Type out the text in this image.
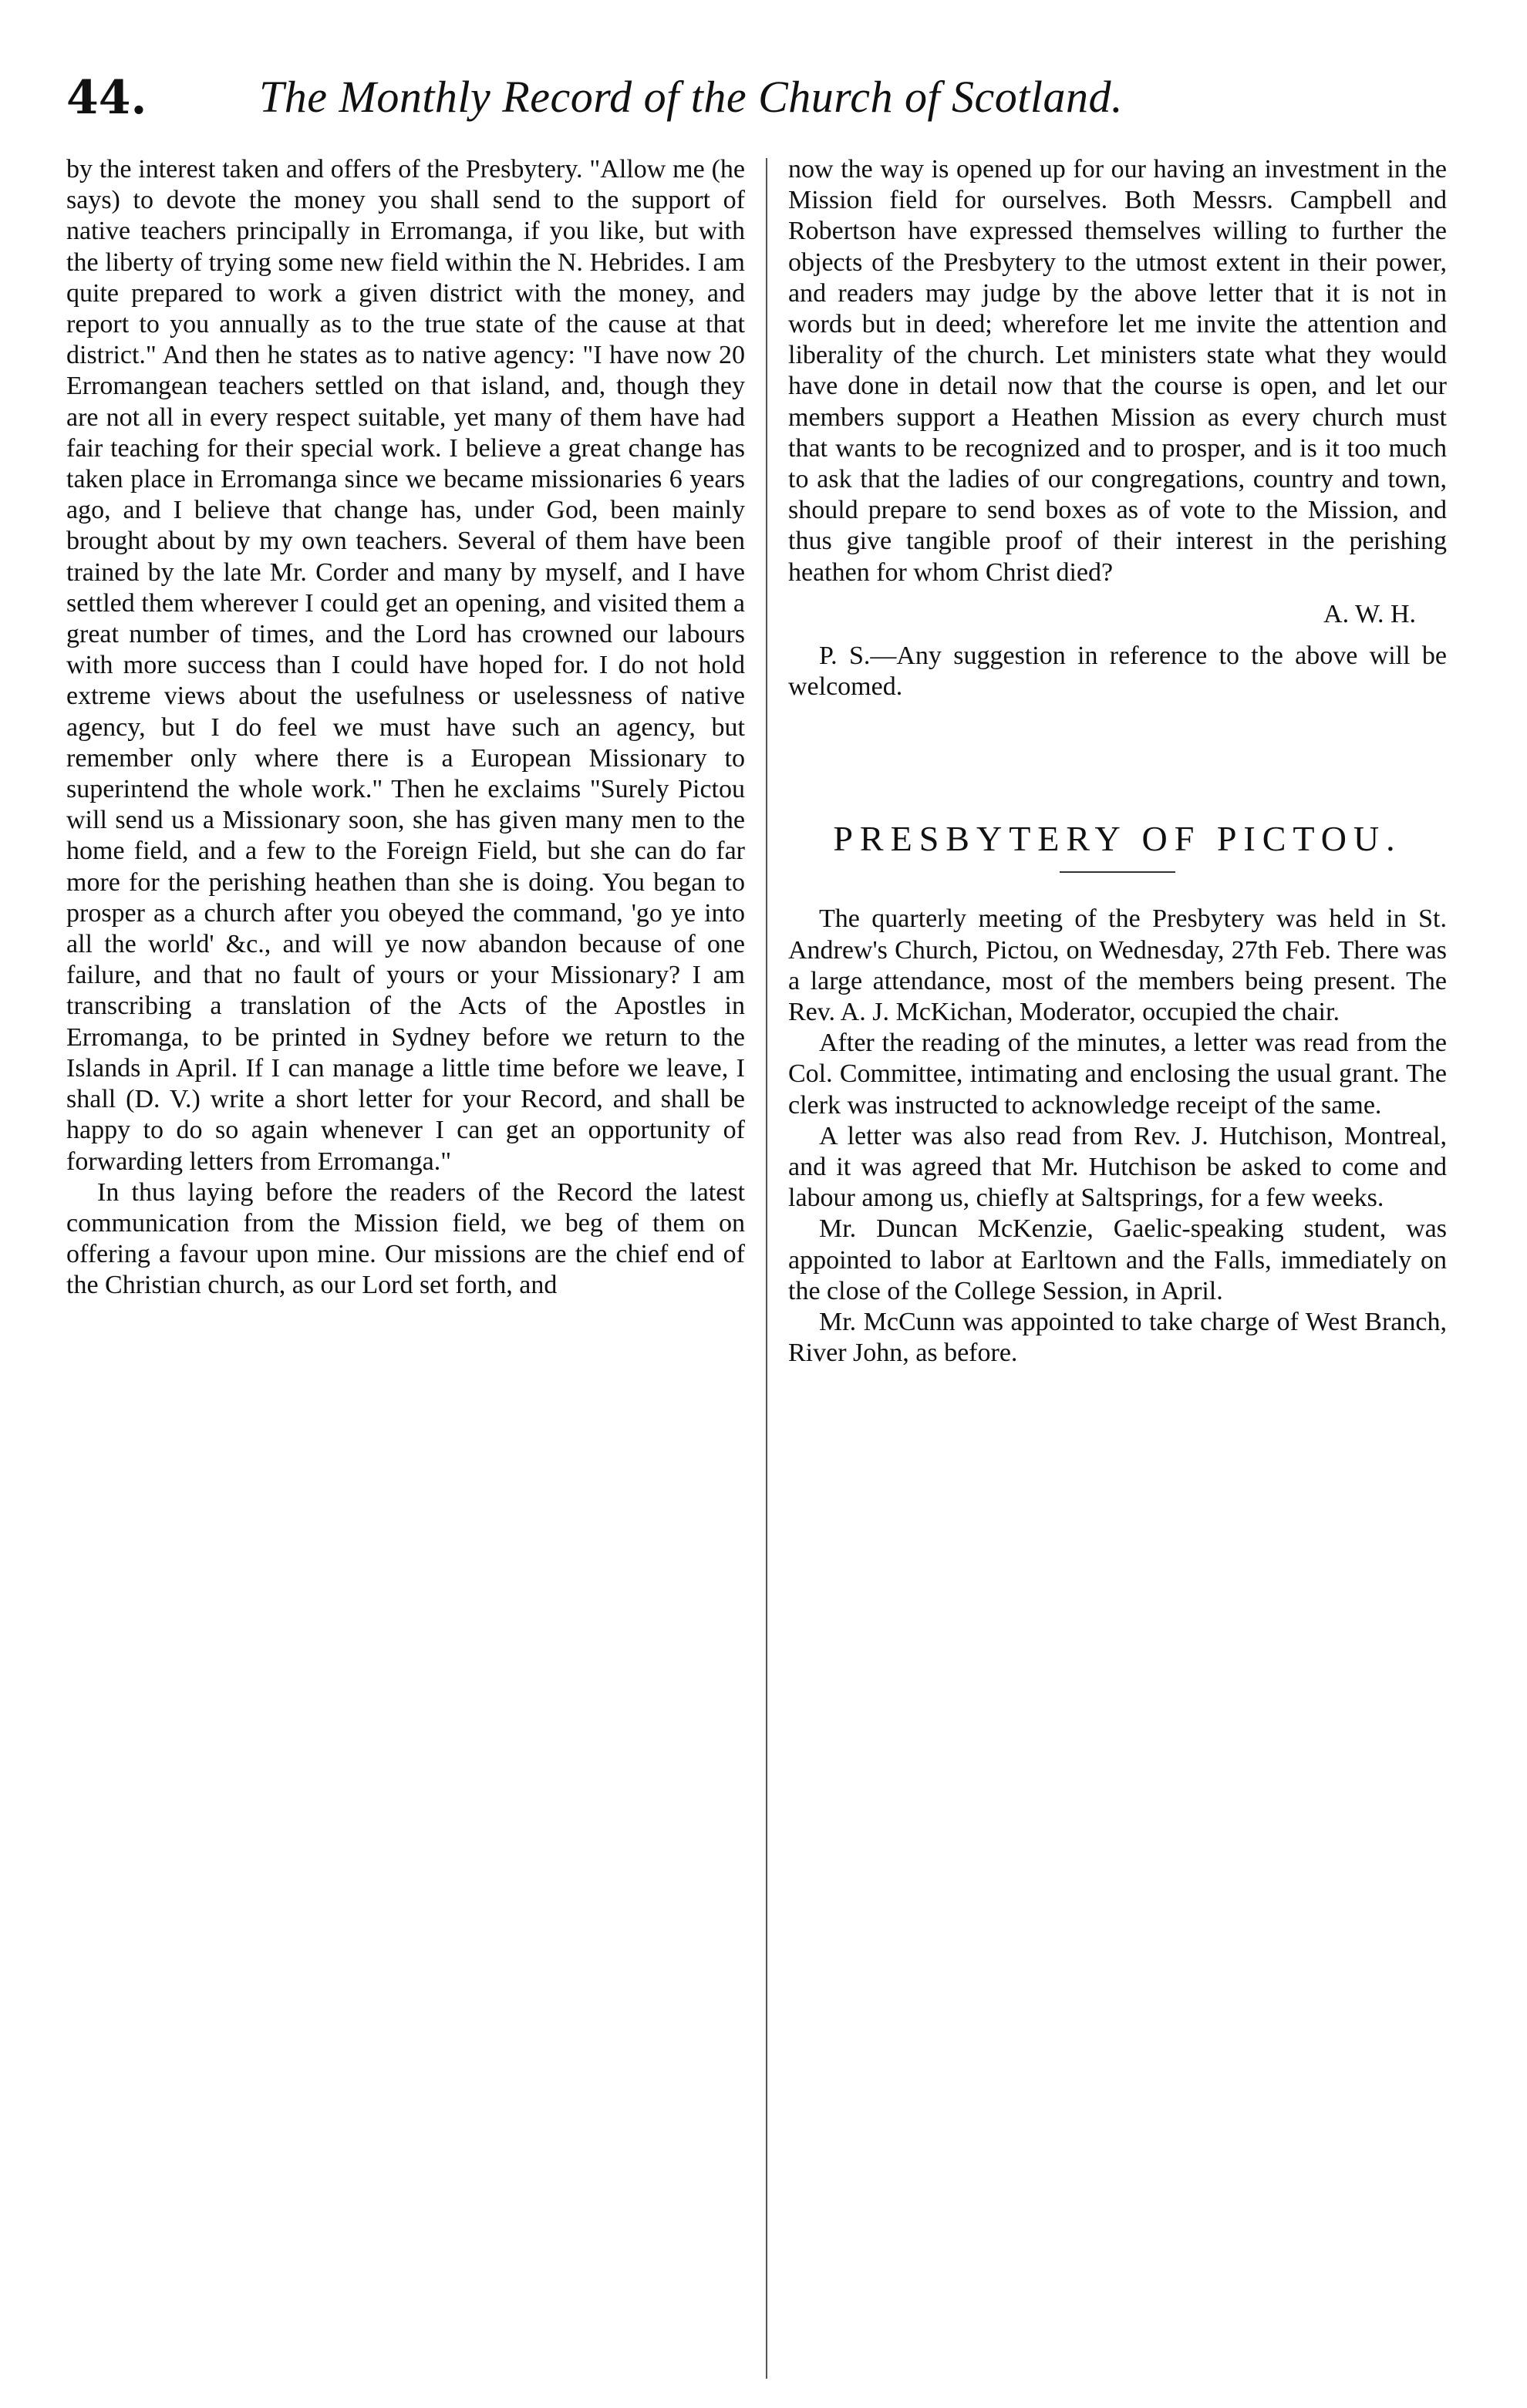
44.	The Monthly Record of the Church of Scotland.

by the interest taken and offers of the Presbytery. "Allow me (he says) to devote the money you shall send to the support of native teachers principally in Erromanga, if you like, but with the liberty of trying some new field within the N. Hebrides. I am quite prepared to work a given district with the money, and report to you annually as to the true state of the cause at that district." And then he states as to native agency: "I have now 20 Erromangean teachers settled on that island, and, though they are not all in every respect suitable, yet many of them have had fair teaching for their special work. I believe a great change has taken place in Erromanga since we became missionaries 6 years ago, and I believe that change has, under God, been mainly brought about by my own teachers. Several of them have been trained by the late Mr. Corder and many by myself, and I have settled them wherever I could get an opening, and visited them a great number of times, and the Lord has crowned our labours with more success than I could have hoped for. I do not hold extreme views about the usefulness or uselessness of native agency, but I do feel we must have such an agency, but remember only where there is a European Missionary to superintend the whole work." Then he exclaims "Surely Pictou will send us a Missionary soon, she has given many men to the home field, and a few to the Foreign Field, but she can do far more for the perishing heathen than she is doing. You began to prosper as a church after you obeyed the command, 'go ye into all the world' &c., and will ye now abandon because of one failure, and that no fault of yours or your Missionary? I am transcribing a translation of the Acts of the Apostles in Erromanga, to be printed in Sydney before we return to the Islands in April. If I can manage a little time before we leave, I shall (D. V.) write a short letter for your Record, and shall be happy to do so again whenever I can get an opportunity of forwarding letters from Erromanga."

In thus laying before the readers of the Record the latest communication from the Mission field, we beg of them on offering a favour upon mine. Our missions are the chief end of the Christian church, as our Lord set forth, and

now the way is opened up for our having an investment in the Mission field for ourselves. Both Messrs. Campbell and Robertson have expressed themselves willing to further the objects of the Presbytery to the utmost extent in their power, and readers may judge by the above letter that it is not in words but in deed; wherefore let me invite the attention and liberality of the church. Let ministers state what they would have done in detail now that the course is open, and let our members support a Heathen Mission as every church must that wants to be recognized and to prosper, and is it too much to ask that the ladies of our congregations, country and town, should prepare to send boxes as of vote to the Mission, and thus give tangible proof of their interest in the perishing heathen for whom Christ died?

A. W. H.

P. S.—Any suggestion in reference to the above will be welcomed.

PRESBYTERY OF PICTOU.

The quarterly meeting of the Presbytery was held in St. Andrew's Church, Pictou, on Wednesday, 27th Feb. There was a large attendance, most of the members being present. The Rev. A. J. McKichan, Moderator, occupied the chair.

After the reading of the minutes, a letter was read from the Col. Committee, intimating and enclosing the usual grant. The clerk was instructed to acknowledge receipt of the same.

A letter was also read from Rev. J. Hutchison, Montreal, and it was agreed that Mr. Hutchison be asked to come and labour among us, chiefly at Saltsprings, for a few weeks.

Mr. Duncan McKenzie, Gaelic-speaking student, was appointed to labor at Earltown and the Falls, immediately on the close of the College Session, in April.

Mr. McCunn was appointed to take charge of West Branch, River John, as before.
